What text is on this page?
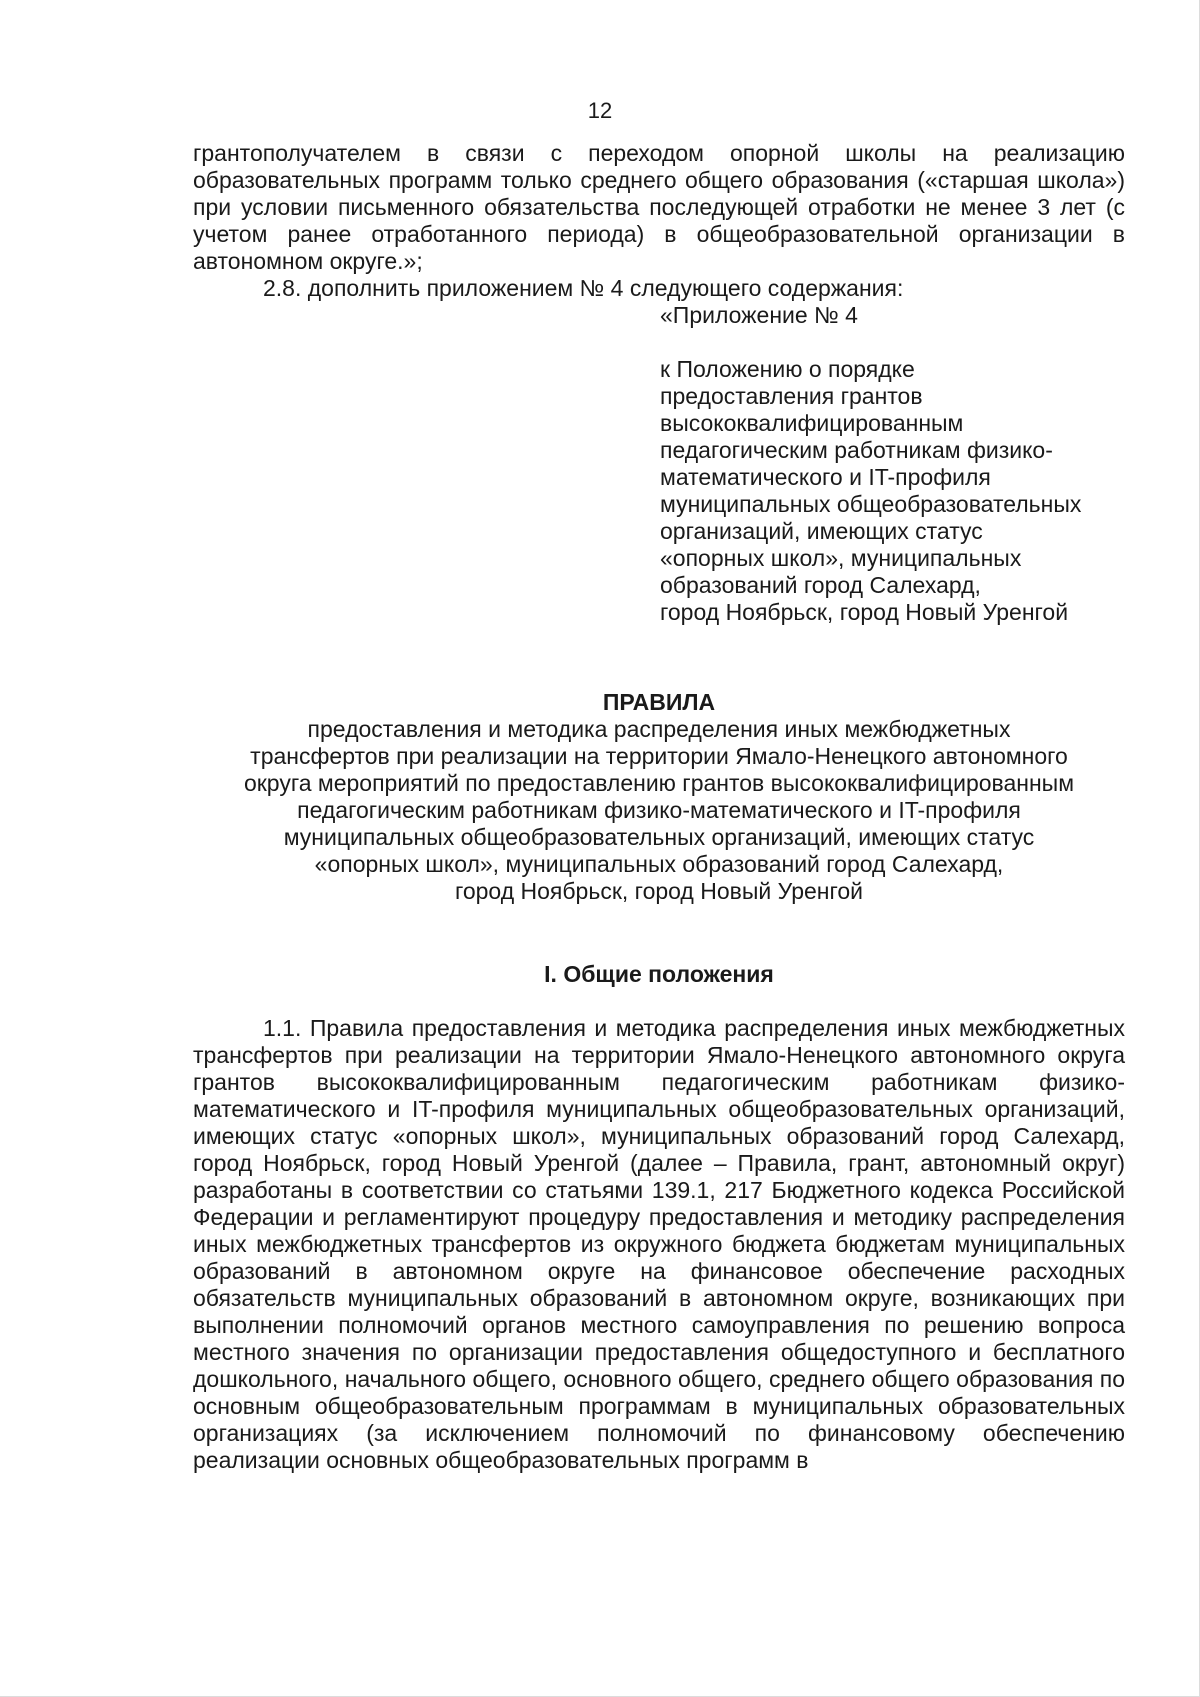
12

грантополучателем в связи с переходом опорной школы на реализацию образовательных программ только среднего общего образования («старшая школа») при условии письменного обязательства последующей отработки не менее 3 лет (с учетом ранее отработанного периода) в общеобразовательной организации в автономном округе.»;

2.8. дополнить приложением № 4 следующего содержания:

«Приложение № 4

к Положению о порядке
предоставления грантов
высококвалифицированным
педагогическим работникам физико-
математического и IT-профиля
муниципальных общеобразовательных
организаций, имеющих статус
«опорных школ», муниципальных
образований город Салехард,
город Ноябрьск, город Новый Уренгой

ПРАВИЛА

предоставления и методика распределения иных межбюджетных
трансфертов при реализации на территории Ямало-Ненецкого автономного
округа мероприятий по предоставлению грантов высококвалифицированным
педагогическим работникам физико-математического и IT-профиля
муниципальных общеобразовательных организаций, имеющих статус
«опорных школ», муниципальных образований город Салехард,
город Ноябрьск, город Новый Уренгой

I. Общие положения

1.1. Правила предоставления и методика распределения иных межбюджетных трансфертов при реализации на территории Ямало-Ненецкого автономного округа грантов высококвалифицированным педагогическим работникам физико-математического и IT-профиля муниципальных общеобразовательных организаций, имеющих статус «опорных школ», муниципальных образований город Салехард, город Ноябрьск, город Новый Уренгой (далее – Правила, грант, автономный округ) разработаны в соответствии со статьями 139.1, 217 Бюджетного кодекса Российской Федерации и регламентируют процедуру предоставления и методику распределения иных межбюджетных трансфертов из окружного бюджета бюджетам муниципальных образований в автономном округе на финансовое обеспечение расходных обязательств муниципальных образований в автономном округе, возникающих при выполнении полномочий органов местного самоуправления по решению вопроса местного значения по организации предоставления общедоступного и бесплатного дошкольного, начального общего, основного общего, среднего общего образования по основным общеобразовательным программам в муниципальных образовательных организациях (за исключением полномочий по финансовому обеспечению реализации основных общеобразовательных программ в
